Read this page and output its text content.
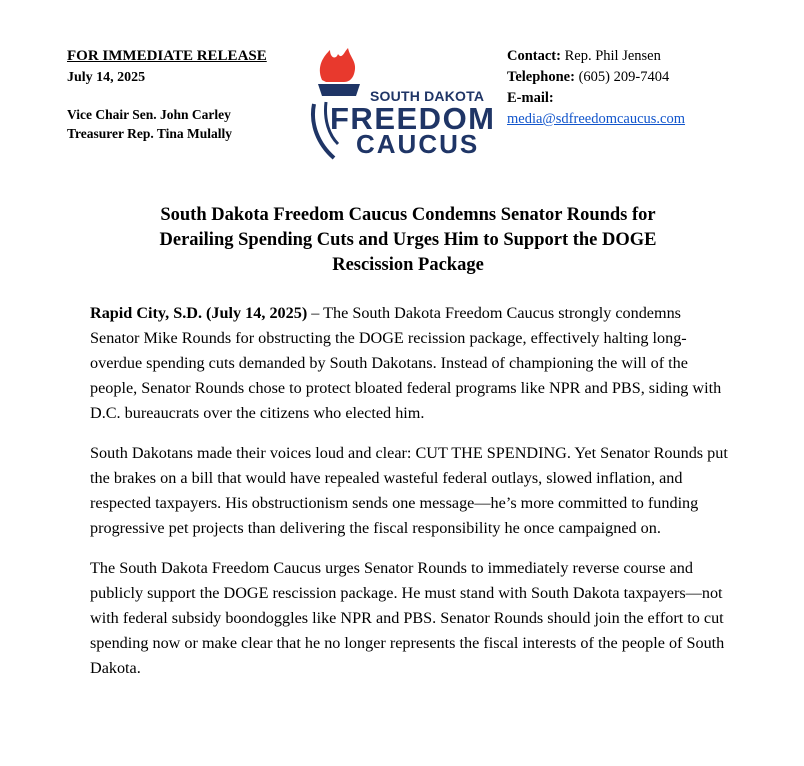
FOR IMMEDIATE RELEASE
July 14, 2025
Vice Chair Sen. John Carley
Treasurer Rep. Tina Mulally
SOUTH DAKOTA
FREEDOM
CAUCUS
Contact: Rep. Phil Jensen
Telephone: (605) 209-7404
E-mail:
media@sdfreedomcaucus.com
South Dakota Freedom Caucus Condemns Senator Rounds for
Derailing Spending Cuts and Urges Him to Support the DOGE
Rescission Package

Rapid City, S.D. (July 14, 2025) – The South Dakota Freedom Caucus strongly condemns Senator Mike Rounds for obstructing the DOGE recission package, effectively halting long-overdue spending cuts demanded by South Dakotans. Instead of championing the will of the people, Senator Rounds chose to protect bloated federal programs like NPR and PBS, siding with D.C. bureaucrats over the citizens who elected him.

South Dakotans made their voices loud and clear: CUT THE SPENDING. Yet Senator Rounds put the brakes on a bill that would have repealed wasteful federal outlays, slowed inflation, and respected taxpayers. His obstructionism sends one message—he’s more committed to funding progressive pet projects than delivering the fiscal responsibility he once campaigned on.

The South Dakota Freedom Caucus urges Senator Rounds to immediately reverse course and publicly support the DOGE rescission package. He must stand with South Dakota taxpayers—not with federal subsidy boondoggles like NPR and PBS. Senator Rounds should join the effort to cut spending now or make clear that he no longer represents the fiscal interests of the people of South Dakota.
